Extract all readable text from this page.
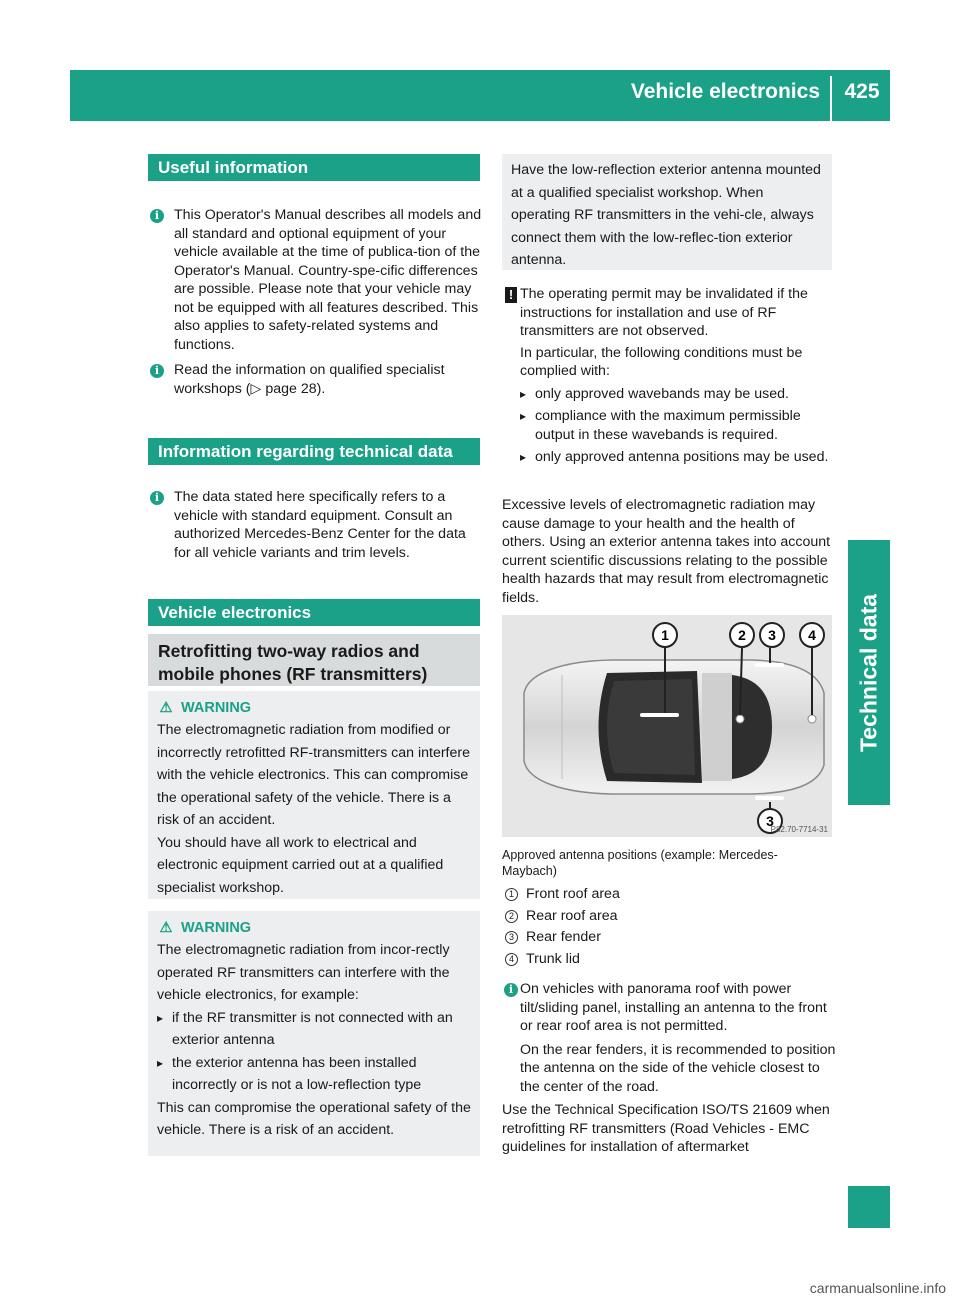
Vehicle electronics	425
Technical data
Useful information
i	This Operator's Manual describes all models and all standard and optional equipment of your vehicle available at the time of publica-tion of the Operator's Manual. Country-spe-cific differences are possible. Please note that your vehicle may not be equipped with all features described. This also applies to safety-related systems and functions.
i	Read the information on qualified specialist workshops (▷ page 28).
Information regarding technical data
i	The data stated here specifically refers to a vehicle with standard equipment. Consult an authorized Mercedes-Benz Center for the data for all vehicle variants and trim levels.
Vehicle electronics
Retrofitting two-way radios and mobile phones (RF transmitters)
⚠ WARNING

The electromagnetic radiation from modified or incorrectly retrofitted RF-transmitters can interfere with the vehicle electronics. This can compromise the operational safety of the vehicle. There is a risk of an accident.

You should have all work to electrical and electronic equipment carried out at a qualified specialist workshop.

⚠ WARNING

The electromagnetic radiation from incor-rectly operated RF transmitters can interfere with the vehicle electronics, for example:

▸ if the RF transmitter is not connected with an exterior antenna
▸ the exterior antenna has been installed incorrectly or is not a low-reflection type

This can compromise the operational safety of the vehicle. There is a risk of an accident.

Have the low-reflection exterior antenna mounted at a qualified specialist workshop. When operating RF transmitters in the vehi-cle, always connect them with the low-reflec-tion exterior antenna.
! The operating permit may be invalidated if the instructions for installation and use of RF transmitters are not observed.
In particular, the following conditions must be complied with:
▸ only approved wavebands may be used.
▸ compliance with the maximum permissible output in these wavebands is required.
▸ only approved antenna positions may be used.
Excessive levels of electromagnetic radiation may cause damage to your health and the health of others. Using an exterior antenna takes into account current scientific discussions relating to the possible health hazards that may result from electromagnetic fields.
1	2 3 4
3
P82.70-7714-31
Approved antenna positions (example: Mercedes-Maybach)
1 Front roof area
2 Rear roof area
3 Rear fender
4 Trunk lid
i On vehicles with panorama roof with power tilt/sliding panel, installing an antenna to the front or rear roof area is not permitted.
On the rear fenders, it is recommended to position the antenna on the side of the vehicle closest to the center of the road.
Use the Technical Specification ISO/TS 21609 when retrofitting RF transmitters (Road Vehicles - EMC guidelines for installation of aftermarket
carmanualsonline.info
